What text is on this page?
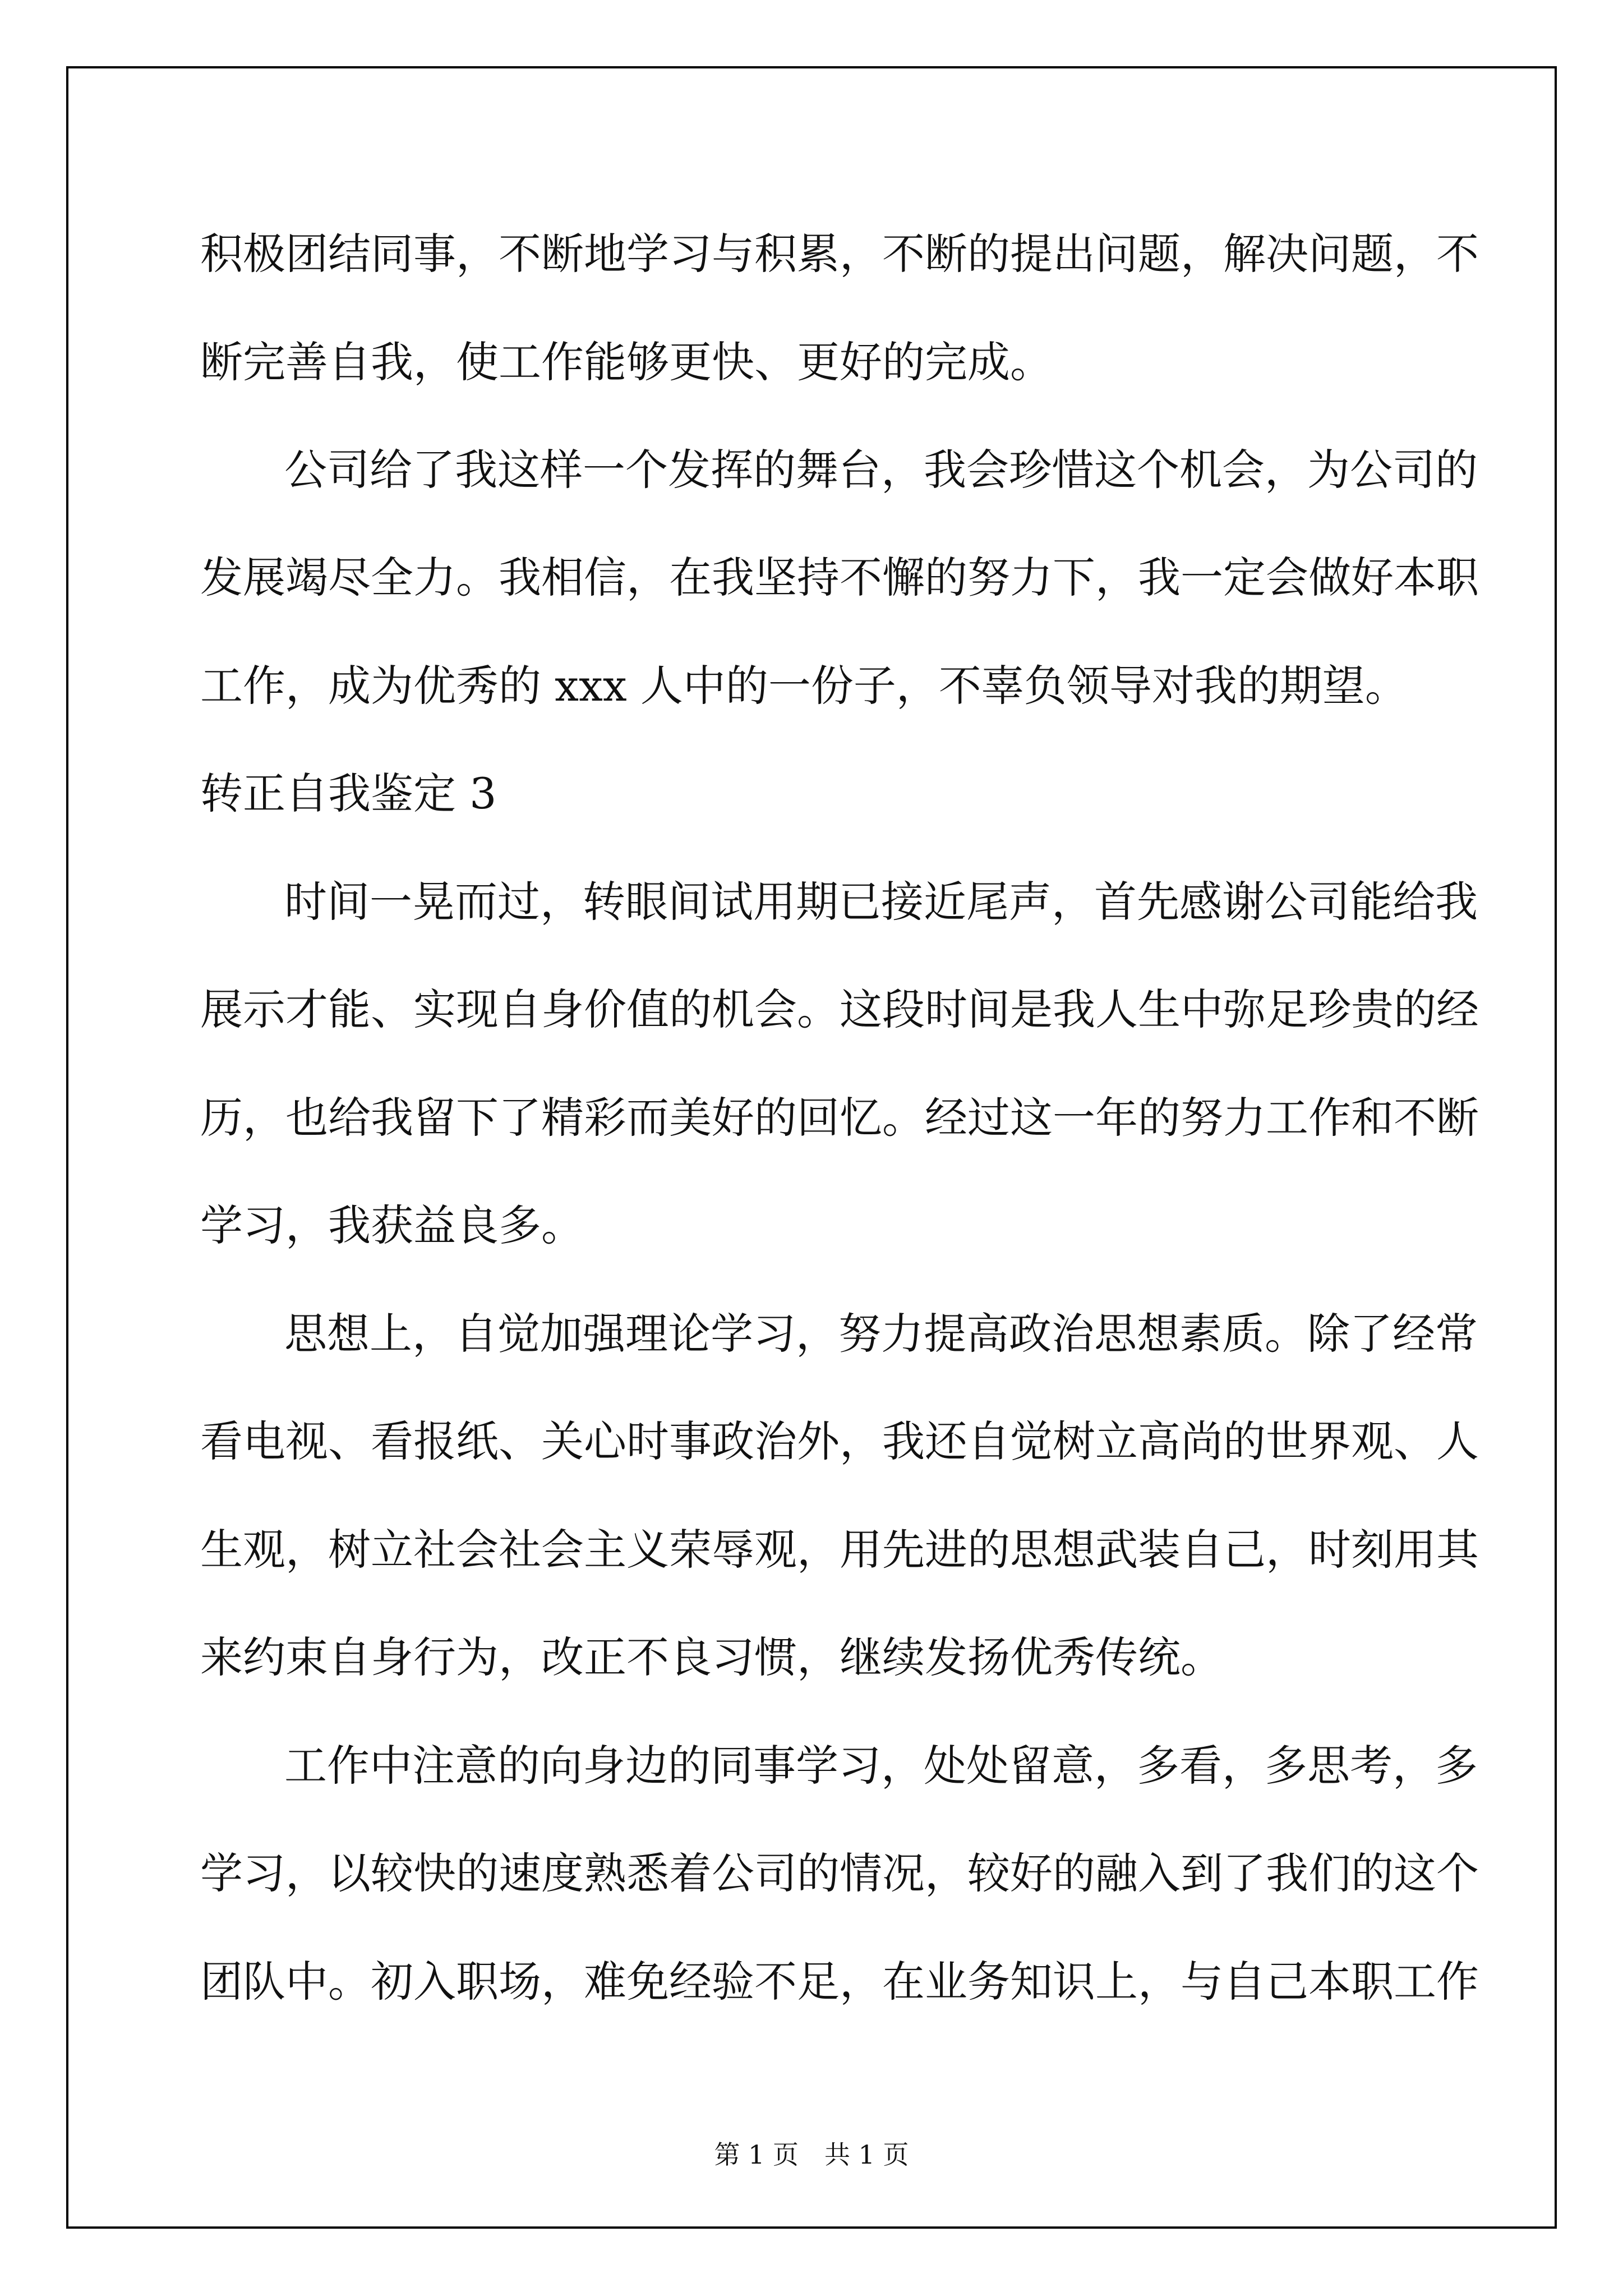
积极团结同事，不断地学习与积累，不断的提出问题，解决问题，不
断完善自我，使工作能够更快、更好的完成。
公司给了我这样一个发挥的舞台，我会珍惜这个机会，为公司的
发展竭尽全力。我相信，在我坚持不懈的努力下，我一定会做好本职
工作，成为优秀的 xxx 人中的一份子，不辜负领导对我的期望。
转正自我鉴定 3
时间一晃而过，转眼间试用期已接近尾声，首先感谢公司能给我
展示才能、实现自身价值的机会。这段时间是我人生中弥足珍贵的经
历，也给我留下了精彩而美好的回忆。经过这一年的努力工作和不断
学习，我获益良多。
思想上，自觉加强理论学习，努力提高政治思想素质。除了经常
看电视、看报纸、关心时事政治外，我还自觉树立高尚的世界观、人
生观，树立社会社会主义荣辱观，用先进的思想武装自己，时刻用其
来约束自身行为，改正不良习惯，继续发扬优秀传统。
工作中注意的向身边的同事学习，处处留意，多看，多思考，多
学习，以较快的速度熟悉着公司的情况，较好的融入到了我们的这个
团队中。初入职场，难免经验不足，在业务知识上，与自己本职工作
第 1 页　共 1 页
